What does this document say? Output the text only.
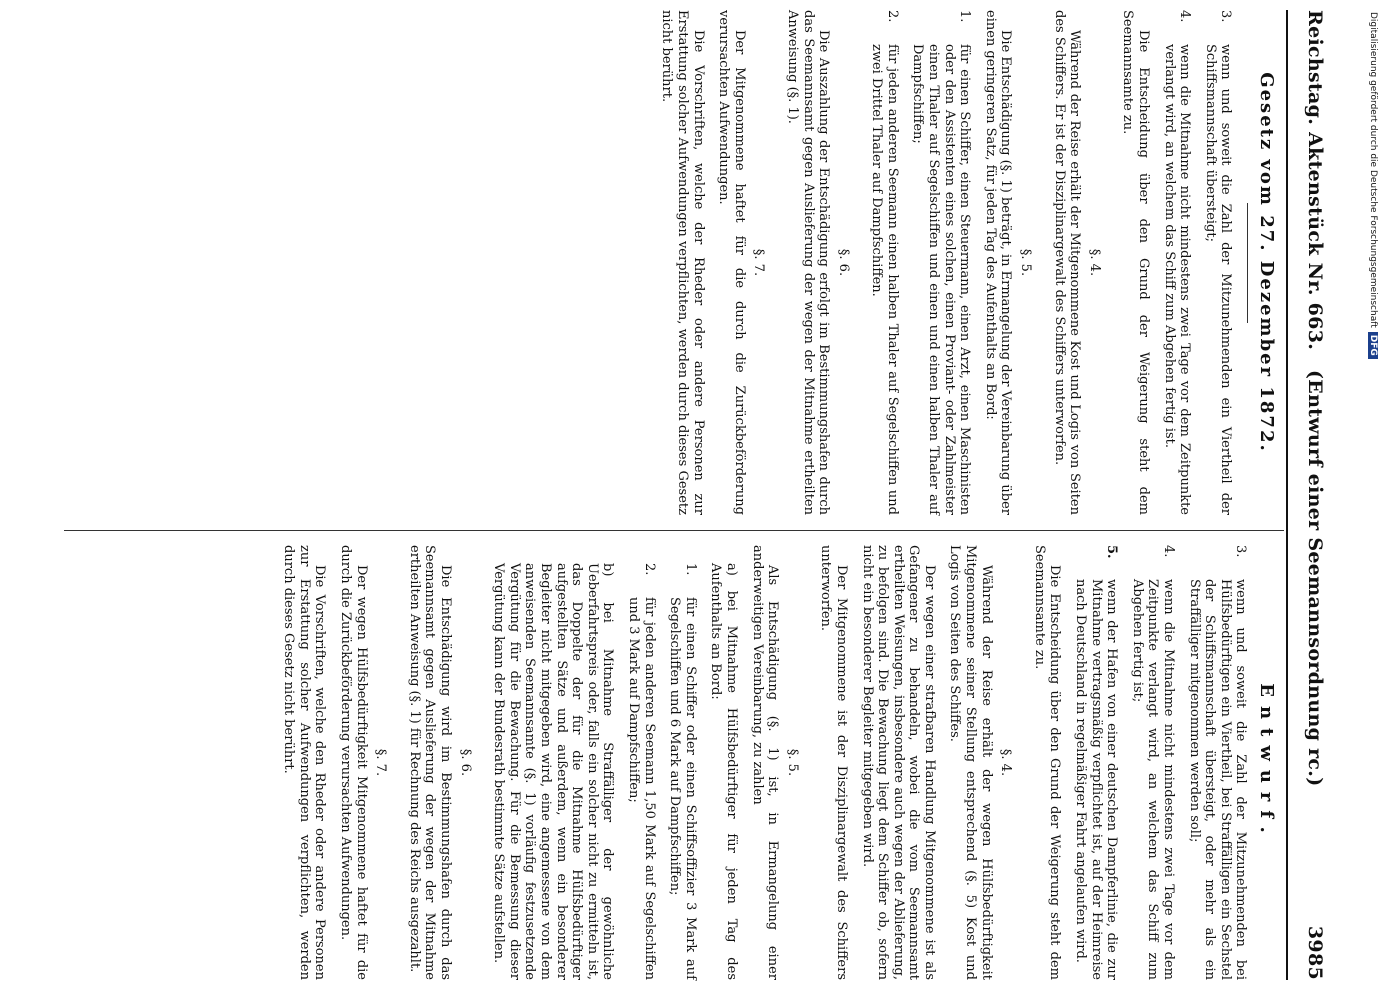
Reichstag. Aktenstück Nr. 663.
3985
(Entwurf einer Seemannsordnung rc.)
Gesetz vom 27. Dezember 1872.
3.
wenn und soweit die Zahl der Mitzunehmenden ein Viertheil der Schiffsmannschaft übersteigt;
4.
wenn die Mitnahme nicht mindestens zwei Tage vor dem Zeitpunkte verlangt wird, an welchem das Schiff zum Abgehen fertig ist.

Die Entscheidung über den Grund der Weigerung steht dem Seemannsamte zu.

§. 4.

Während der Reise erhält der Mitgenommene Kost und Logis von Seiten des Schiffers. Er ist der Disziplinargewalt des Schiffers unterworfen.

§. 5.

Die Entschädigung (§. 1) beträgt, in Ermangelung der Vereinbarung über einen geringeren Satz, für jeden Tag des Aufenthalts an Bord:

1.
für einen Schiffer, einen Steuermann, einen Arzt, einen Maschinisten oder den Assistenten eines solchen, einen Proviant- oder Zahlmeister einen Thaler auf Segelschiffen und einen und einen halben Thaler auf Dampfschiffen;
2.
für jeden anderen Seemann einen halben Thaler auf Segelschiffen und zwei Drittel Thaler auf Dampfschiffen.
§. 6.

Die Auszahlung der Entschädigung erfolgt im Bestimmungshafen durch das Seemannsamt gegen Auslieferung der wegen der Mitnahme ertheilten Anweisung (§. 1).

§. 7.

Der Mitgenommene haftet für die durch die Zurückbeförderung verursachten Aufwendungen.

Die Vorschriften, welche der Rheder oder andere Personen zur Erstattung solcher Aufwendungen verpflichten, werden durch dieses Gesetz nicht berührt.

Entwurf.
3.
wenn und soweit die Zahl der Mitzunehmenden bei Hülfsbedürftigen ein Viertheil, bei Straffälligen ein Sechstel der Schiffsmannschaft übersteigt, oder mehr als ein Straffälliger mitgenommen werden soll;
4.
wenn die Mitnahme nicht mindestens zwei Tage vor dem Zeitpunkte verlangt wird, an welchem das Schiff zum Abgehen fertig ist;
5.
wenn der Hafen von einer deutschen Dampferlinie, die zur Mitnahme vertragsmäßig verpflichtet ist, auf der Heimreise nach Deutschland in regelmäßiger Fahrt angelaufen wird.

Die Entscheidung über den Grund der Weigerung steht dem Seemannsamte zu.

§. 4.

Während der Reise erhält der wegen Hülfsbedürftigkeit Mitgenommene seiner Stellung entsprechend (§. 5) Kost und Logis von Seiten des Schiffes.

Der wegen einer strafbaren Handlung Mitgenommene ist als Gefangener zu behandeln, wobei die vom Seemannsamt ertheilten Weisungen, insbesondere auch wegen der Ablieferung, zu befolgen sind. Die Bewachung liegt dem Schiffer ob, sofern nicht ein besonderer Begleiter mitgegeben wird.

Der Mitgenommene ist der Disziplinargewalt des Schiffers unterworfen.

§. 5.

Als Entschädigung (§. 1) ist, in Ermangelung einer anderweitigen Vereinbarung, zu zahlen

a) bei Mitnahme Hülfsbedürftiger für jeden Tag des Aufenthalts an Bord:

1.
für einen Schiffer oder einen Schiffsoffizier 3 Mark auf Segelschiffen und 6 Mark auf Dampfschiffen;
2.
für jeden anderen Seemann 1,50 Mark auf Segelschiffen und 3 Mark auf Dampfschiffen;

b) bei Mitnahme Straffälliger der gewöhnliche Ueberfahrtspreis oder, falls ein solcher nicht zu ermitteln ist, das Doppelte der für die Mitnahme Hülfsbedürftiger aufgestellten Sätze und außerdem, wenn ein besonderer Begleiter nicht mitgegeben wird, eine angemessene von dem anweisenden Seemannsamte (§. 1) vorläufig festzusetzende Vergütung für die Bewachung. Für die Bemessung dieser Vergütung kann der Bundesrath bestimmte Sätze aufstellen.

§. 6.

Die Entschädigung wird im Bestimmungshafen durch das Seemannsamt gegen Auslieferung der wegen der Mitnahme ertheilten Anweisung (§. 1) für Rechnung des Reichs ausgezahlt.

§. 7.

Der wegen Hülfsbedürftigkeit Mitgenommene haftet für die durch die Zurückbeförderung verursachten Aufwendungen.

Die Vorschriften, welche den Rheder oder andere Personen zur Erstattung solcher Aufwendungen verpflichten, werden durch dieses Gesetz nicht berührt.

Digitalisierung gefördert durch die Deutsche ForschungsgemeinschaftDFG
